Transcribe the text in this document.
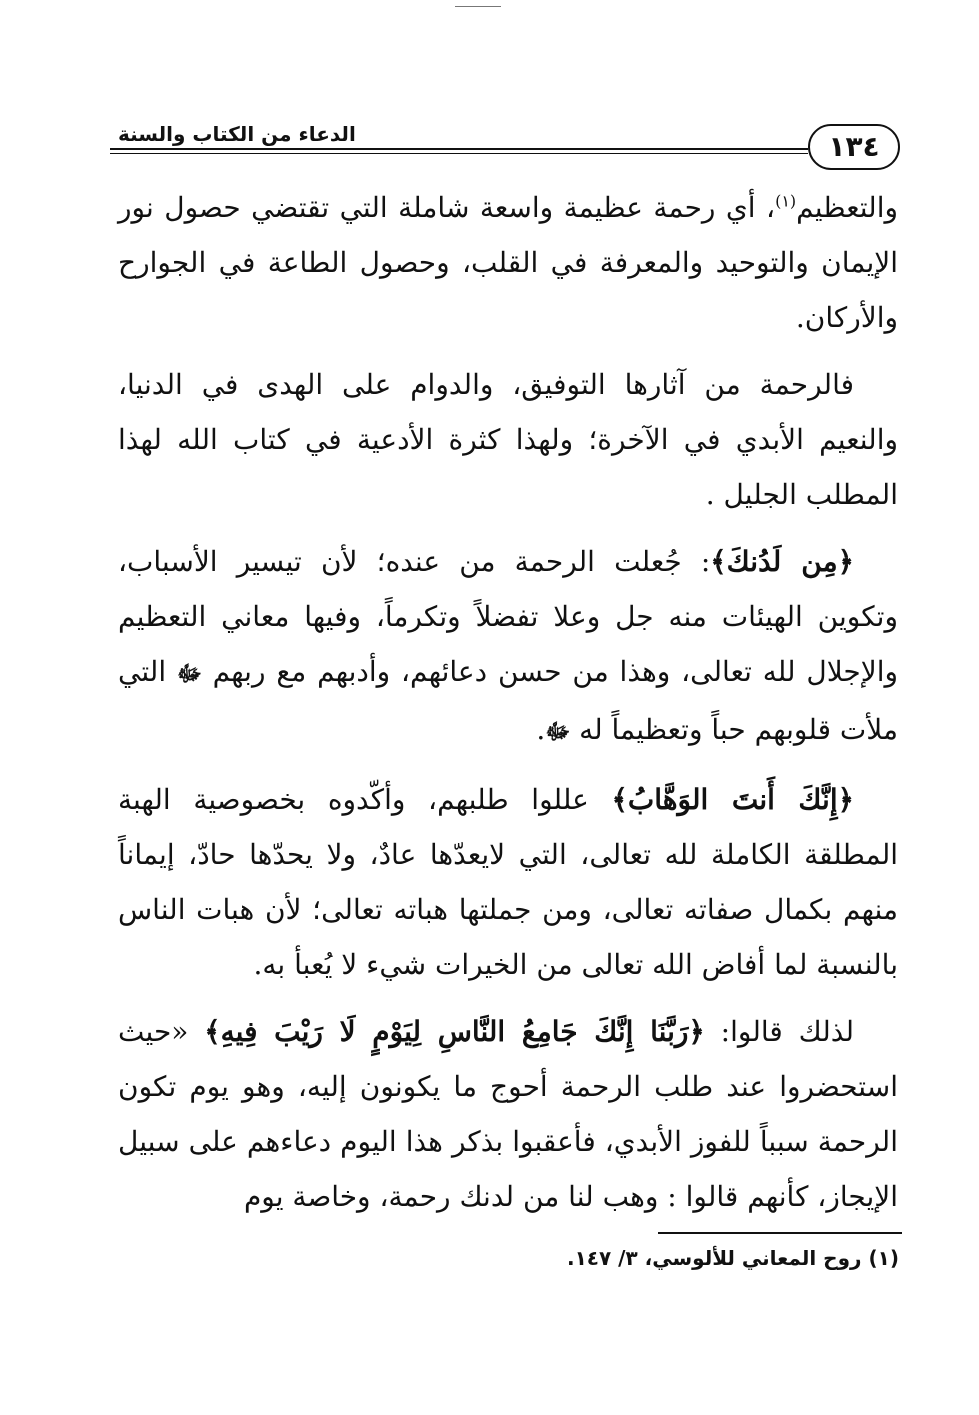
الدعاء من الكتاب والسنة	١٣٤

والتعظيم$^{(١)}$، أي رحمة عظيمة واسعة شاملة التي تقتضي حصول نور الإيمان والتوحيد والمعرفة في القلب، وحصول الطاعة في الجوارح والأركان.

فالرحمة من آثارها التوفيق، والدوام على الهدى في الدنيا، والنعيم الأبدي في الآخرة؛ ولهذا كثرة الأدعية في كتاب الله لهذا المطلب الجليل .

﴿مِن لَدُنكَ﴾: جُعلت الرحمة من عنده؛ لأن تيسير الأسباب، وتكوين الهيئات منه جل وعلا تفضلاً وتكرماً، وفيها معاني التعظيم والإجلال لله تعالى، وهذا من حسن دعائهم، وأدبهم مع ربهم ﷻ التي ملأت قلوبهم حباً وتعظيماً له ﷻ.

﴿إِنَّكَ أَنتَ الوَهَّابُ﴾ عللوا طلبهم، وأكّدوه بخصوصية الهبة المطلقة الكاملة لله تعالى، التي لايعدّها عادٌ، ولا يحدّها حادّ، إيماناً منهم بكمال صفاته تعالى، ومن جملتها هباته تعالى؛ لأن هبات الناس بالنسبة لما أفاض الله تعالى من الخيرات شيء لا يُعبأ به.

لذلك قالوا: ﴿رَبَّنَا إِنَّكَ جَامِعُ النَّاسِ لِيَوْمٍ لَا رَيْبَ فِيهِ﴾ «حيث استحضروا عند طلب الرحمة أحوج ما يكونون إليه، وهو يوم تكون الرحمة سبباً للفوز الأبدي، فأعقبوا بذكر هذا اليوم دعاءهم على سبيل الإيجاز، كأنهم قالوا : وهب لنا من لدنك رحمة، وخاصة يوم

(١) روح المعاني للألوسي، ٣/ ١٤٧.
